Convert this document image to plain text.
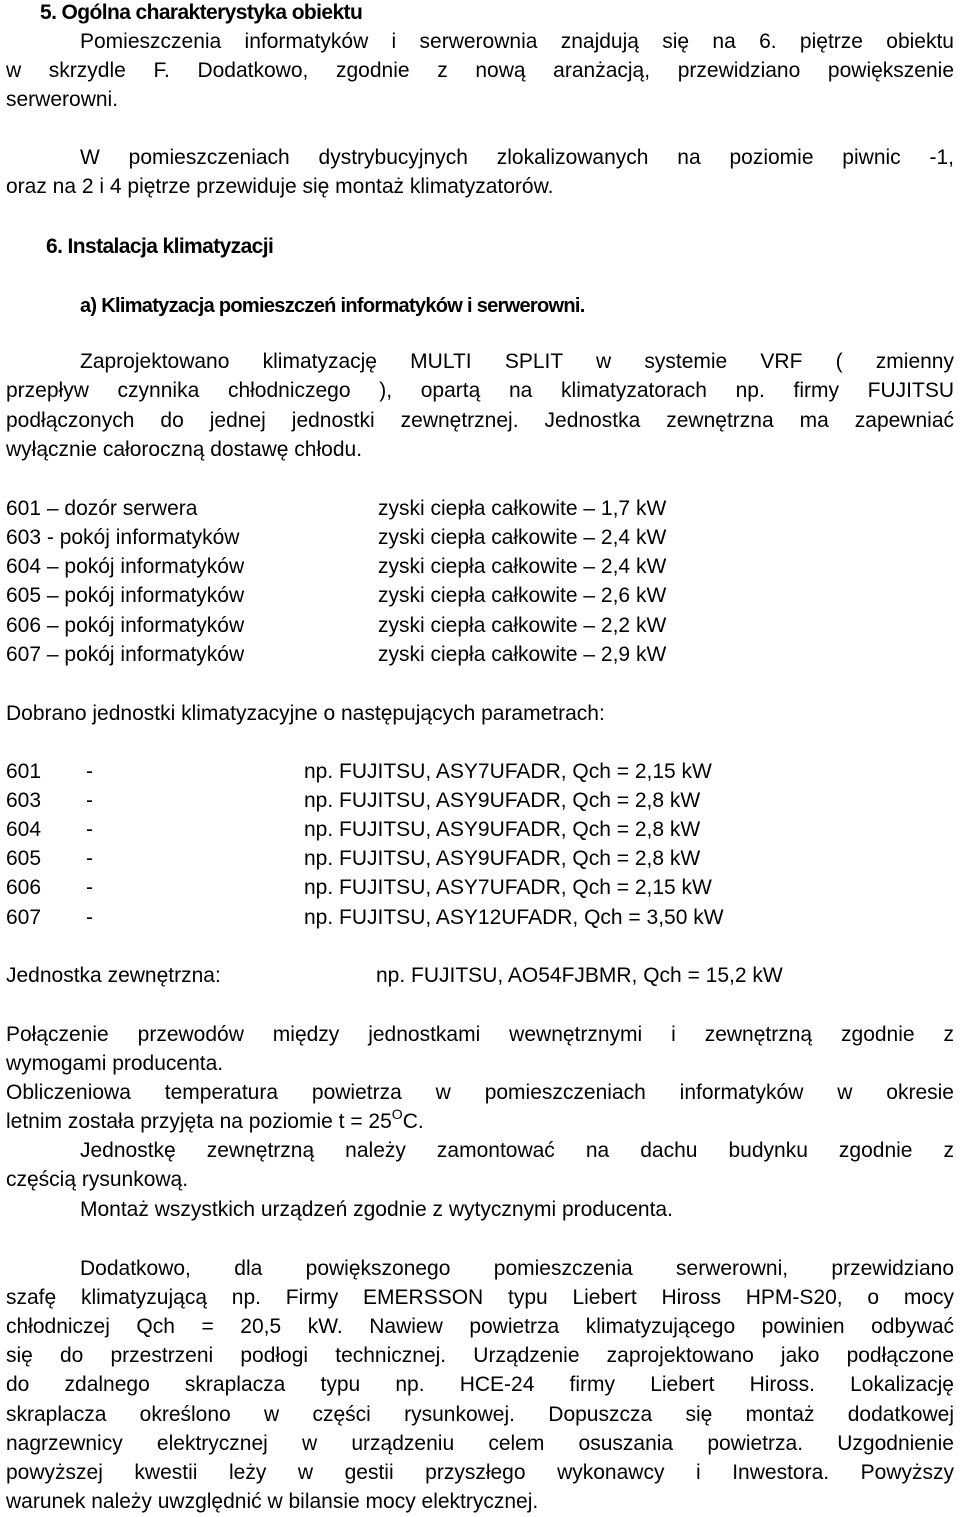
5. Ogólna charakterystyka obiektu
Pomieszczenia informatyków i serwerownia znajdują się na 6. piętrze obiektu
w skrzydle F. Dodatkowo, zgodnie z nową aranżacją, przewidziano powiększenie
serwerowni.
W pomieszczeniach dystrybucyjnych zlokalizowanych na poziomie piwnic -1,
oraz na 2 i 4 piętrze przewiduje się montaż klimatyzatorów.
6. Instalacja klimatyzacji
a) Klimatyzacja pomieszczeń informatyków i serwerowni.
Zaprojektowano klimatyzację MULTI SPLIT w systemie VRF ( zmienny
przepływ czynnika chłodniczego ), opartą na klimatyzatorach np. firmy FUJITSU
podłączonych do jednej jednostki zewnętrznej. Jednostka zewnętrzna ma zapewniać
wyłącznie całoroczną dostawę chłodu.
601 – dozór serwera	zyski ciepła całkowite – 1,7 kW
603 - pokój informatyków	zyski ciepła całkowite – 2,4 kW
604 – pokój informatyków	zyski ciepła całkowite – 2,4 kW
605 – pokój informatyków	zyski ciepła całkowite – 2,6 kW
606 – pokój informatyków	zyski ciepła całkowite – 2,2 kW
607 – pokój informatyków	zyski ciepła całkowite – 2,9 kW
Dobrano jednostki klimatyzacyjne o następujących parametrach:
601 -	np. FUJITSU, ASY7UFADR, Qch = 2,15 kW
603 -	np. FUJITSU, ASY9UFADR, Qch = 2,8 kW
604 -	np. FUJITSU, ASY9UFADR, Qch = 2,8 kW
605 -	np. FUJITSU, ASY9UFADR, Qch = 2,8 kW
606 -	np. FUJITSU, ASY7UFADR, Qch = 2,15 kW
607 -	np. FUJITSU, ASY12UFADR, Qch = 3,50 kW
Jednostka zewnętrzna:	np. FUJITSU, AO54FJBMR, Qch = 15,2 kW
Połączenie przewodów między jednostkami wewnętrznymi i zewnętrzną zgodnie z
wymogami producenta.
Obliczeniowa temperatura powietrza w pomieszczeniach informatyków w okresie
letnim została przyjęta na poziomie $t = 25^OC$.
Jednostkę zewnętrzną należy zamontować na dachu budynku zgodnie z
częścią rysunkową.
Montaż wszystkich urządzeń zgodnie z wytycznymi producenta.
Dodatkowo, dla powiększonego pomieszczenia serwerowni, przewidziano
szafę klimatyzującą np. Firmy EMERSSON typu Liebert Hiross HPM-S20, o mocy
chłodniczej Qch = 20,5 kW. Nawiew powietrza klimatyzującego powinien odbywać
się do przestrzeni podłogi technicznej. Urządzenie zaprojektowano jako podłączone
do zdalnego skraplacza typu np. HCE-24 firmy Liebert Hiross. Lokalizację
skraplacza określono w części rysunkowej. Dopuszcza się montaż dodatkowej
nagrzewnicy elektrycznej w urządzeniu celem osuszania powietrza. Uzgodnienie
powyższej kwestii leży w gestii przyszłego wykonawcy i Inwestora. Powyższy
warunek należy uwzględnić w bilansie mocy elektrycznej.
